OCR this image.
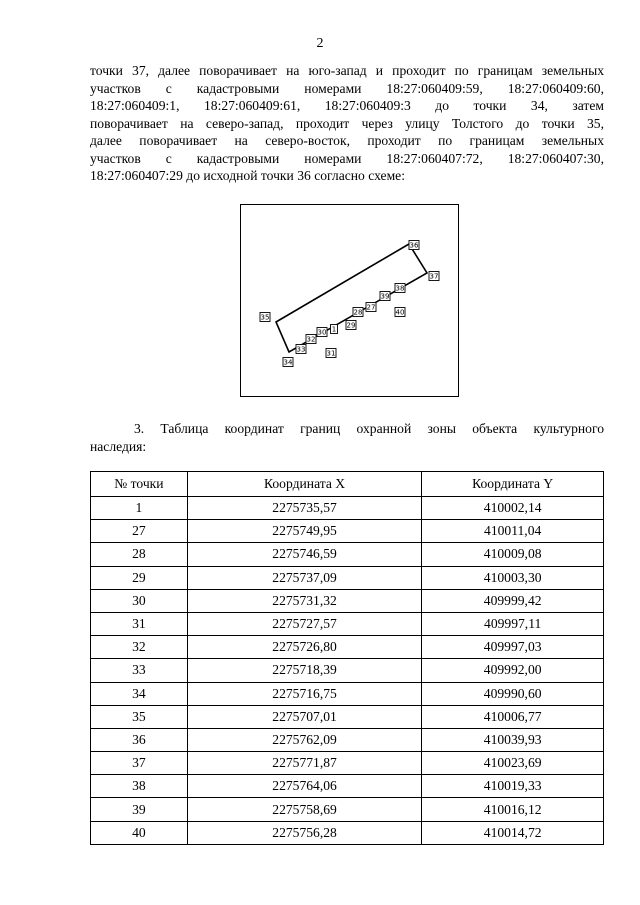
2

точки 37, далее поворачивает на юго-запад и проходит по границам земельных
участков с кадастровыми номерами 18:27:060409:59, 18:27:060409:60,
18:27:060409:1, 18:27:060409:61, 18:27:060409:3 до точки 34, затем
поворачивает на северо-запад, проходит через улицу Толстого до точки 35,
далее поворачивает на северо-восток, проходит по границам земельных
участков с кадастровыми номерами 18:27:060407:72, 18:27:060407:30,
18:27:060407:29 до исходной точки 36 согласно схеме:

36
37
38
39
40
27
28
29
1
30
32
33	31
34
35

3. Таблица координат границ охранной зоны объекта культурного
наследия:

№ точки	Координата X	Координата Y
1	2275735,57	410002,14
27	2275749,95	410011,04
28	2275746,59	410009,08
29	2275737,09	410003,30
30	2275731,32	409999,42
31	2275727,57	409997,11
32	2275726,80	409997,03
33	2275718,39	409992,00
34	2275716,75	409990,60
35	2275707,01	410006,77
36	2275762,09	410039,93
37	2275771,87	410023,69
38	2275764,06	410019,33
39	2275758,69	410016,12
40	2275756,28	410014,72
